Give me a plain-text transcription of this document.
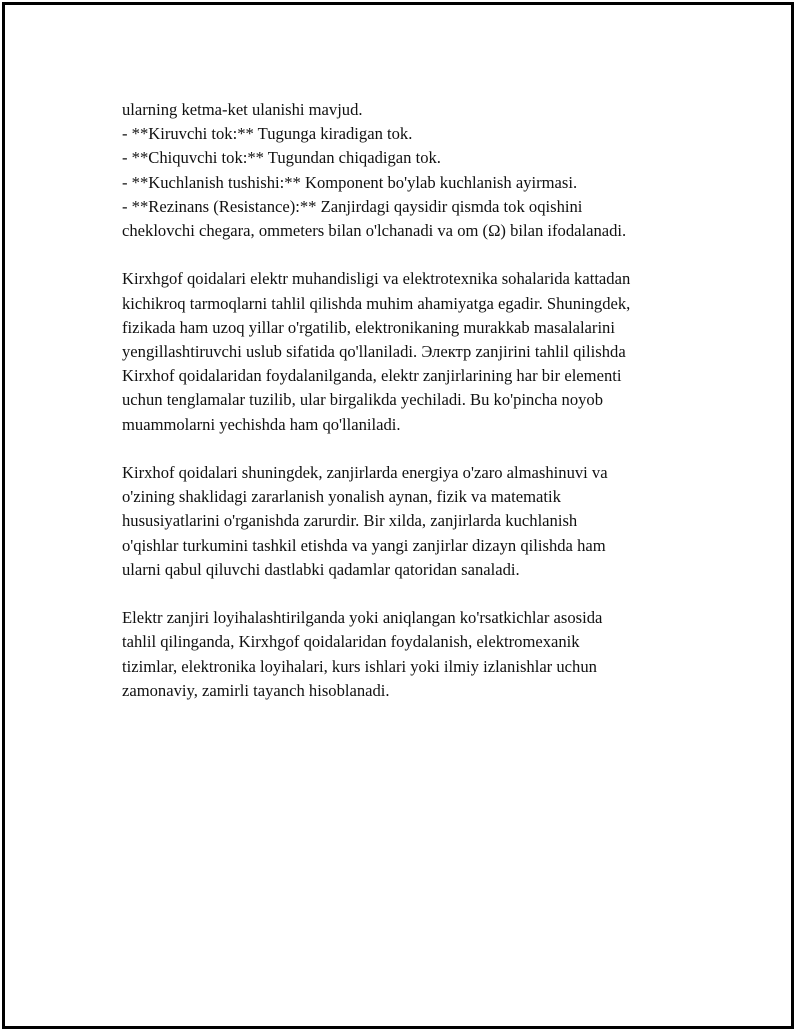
ularning ketma-ket ulanishi mavjud.
- **Kiruvchi tok:** Tugunga kiradigan tok.
- **Chiquvchi tok:** Tugundan chiqadigan tok.
- **Kuchlanish tushishi:** Komponent bo'ylab kuchlanish ayirmasi.
- **Rezinans (Resistance):** Zanjirdagi qaysidir qismda tok oqishini
cheklovchi chegara, ommeters bilan o'lchanadi va om (Ω) bilan ifodalanadi.
Kirxhgof qoidalari elektr muhandisligi va elektrotexnika sohalarida kattadan
kichikroq tarmoqlarni tahlil qilishda muhim ahamiyatga egadir. Shuningdek,
fizikada ham uzoq yillar o'rgatilib, elektronikaning murakkab masalalarini
yengillashtiruvchi uslub sifatida qo'llaniladi. Электр zanjirini tahlil qilishda
Kirxhof qoidalaridan foydalanilganda, elektr zanjirlarining har bir elementi
uchun tenglamalar tuzilib, ular birgalikda yechiladi. Bu ko'pincha noyob
muammolarni yechishda ham qo'llaniladi.
Kirxhof qoidalari shuningdek, zanjirlarda energiya o'zaro almashinuvi va
o'zining shaklidagi zararlanish yonalish aynan, fizik va matematik
hususiyatlarini o'rganishda zarurdir. Bir xilda, zanjirlarda kuchlanish
o'qishlar turkumini tashkil etishda va yangi zanjirlar dizayn qilishda ham
ularni qabul qiluvchi dastlabki qadamlar qatoridan sanaladi.
Elektr zanjiri loyihalashtirilganda yoki aniqlangan ko'rsatkichlar asosida
tahlil qilinganda, Kirxhgof qoidalaridan foydalanish, elektromexanik
tizimlar, elektronika loyihalari, kurs ishlari yoki ilmiy izlanishlar uchun
zamonaviy, zamirli tayanch hisoblanadi.
